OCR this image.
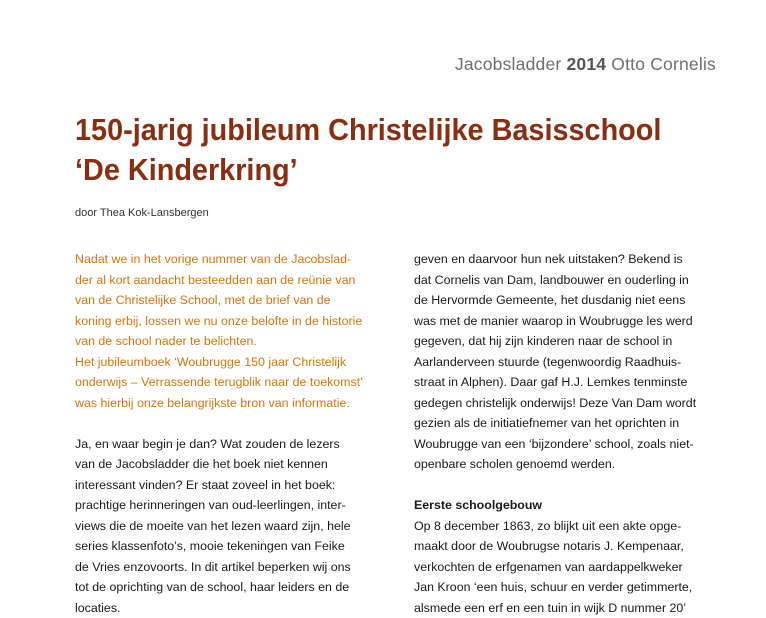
Jacobsladder 2014 Otto Cornelis
150-jarig jubileum Christelijke Basisschool
‘De Kinderkring’
door Thea Kok-Lansbergen
Nadat we in het vorige nummer van de Jacobslad-
der al kort aandacht besteedden aan de reünie van
van de Christelijke School, met de brief van de
koning erbij, lossen we nu onze belofte in de historie
van de school nader te belichten.
Het jubileumboek ‘Woubrugge 150 jaar Christelijk
onderwijs – Verrassende terugblik naar de toekomst’
was hierbij onze belangrijkste bron van informatie.
Ja, en waar begin je dan? Wat zouden de lezers
van de Jacobsladder die het boek niet kennen
interessant vinden? Er staat zoveel in het boek:
prachtige herinneringen van oud-leerlingen, inter-
views die de moeite van het lezen waard zijn, hele
series klassenfoto’s, mooie tekeningen van Feike
de Vries enzovoorts. In dit artikel beperken wij ons
tot de oprichting van de school, haar leiders en de
locaties.
geven en daarvoor hun nek uitstaken? Bekend is
dat Cornelis van Dam, landbouwer en ouderling in
de Hervormde Gemeente, het dusdanig niet eens
was met de manier waarop in Woubrugge les werd
gegeven, dat hij zijn kinderen naar de school in
Aarlanderveen stuurde (tegenwoordig Raadhuis-
straat in Alphen). Daar gaf H.J. Lemkes tenminste
gedegen christelijk onderwijs! Deze Van Dam wordt
gezien als de initiatiefnemer van het oprichten in
Woubrugge van een ‘bijzondere’ school, zoals niet-
openbare scholen genoemd werden.
Eerste schoolgebouw
Op 8 december 1863, zo blijkt uit een akte opge-
maakt door de Woubrugse notaris J. Kempenaar,
verkochten de erfgenamen van aardappelkweker
Jan Kroon ‘een huis, schuur en verder getimmerte,
alsmede een erf en een tuin in wijk D nummer 20’
